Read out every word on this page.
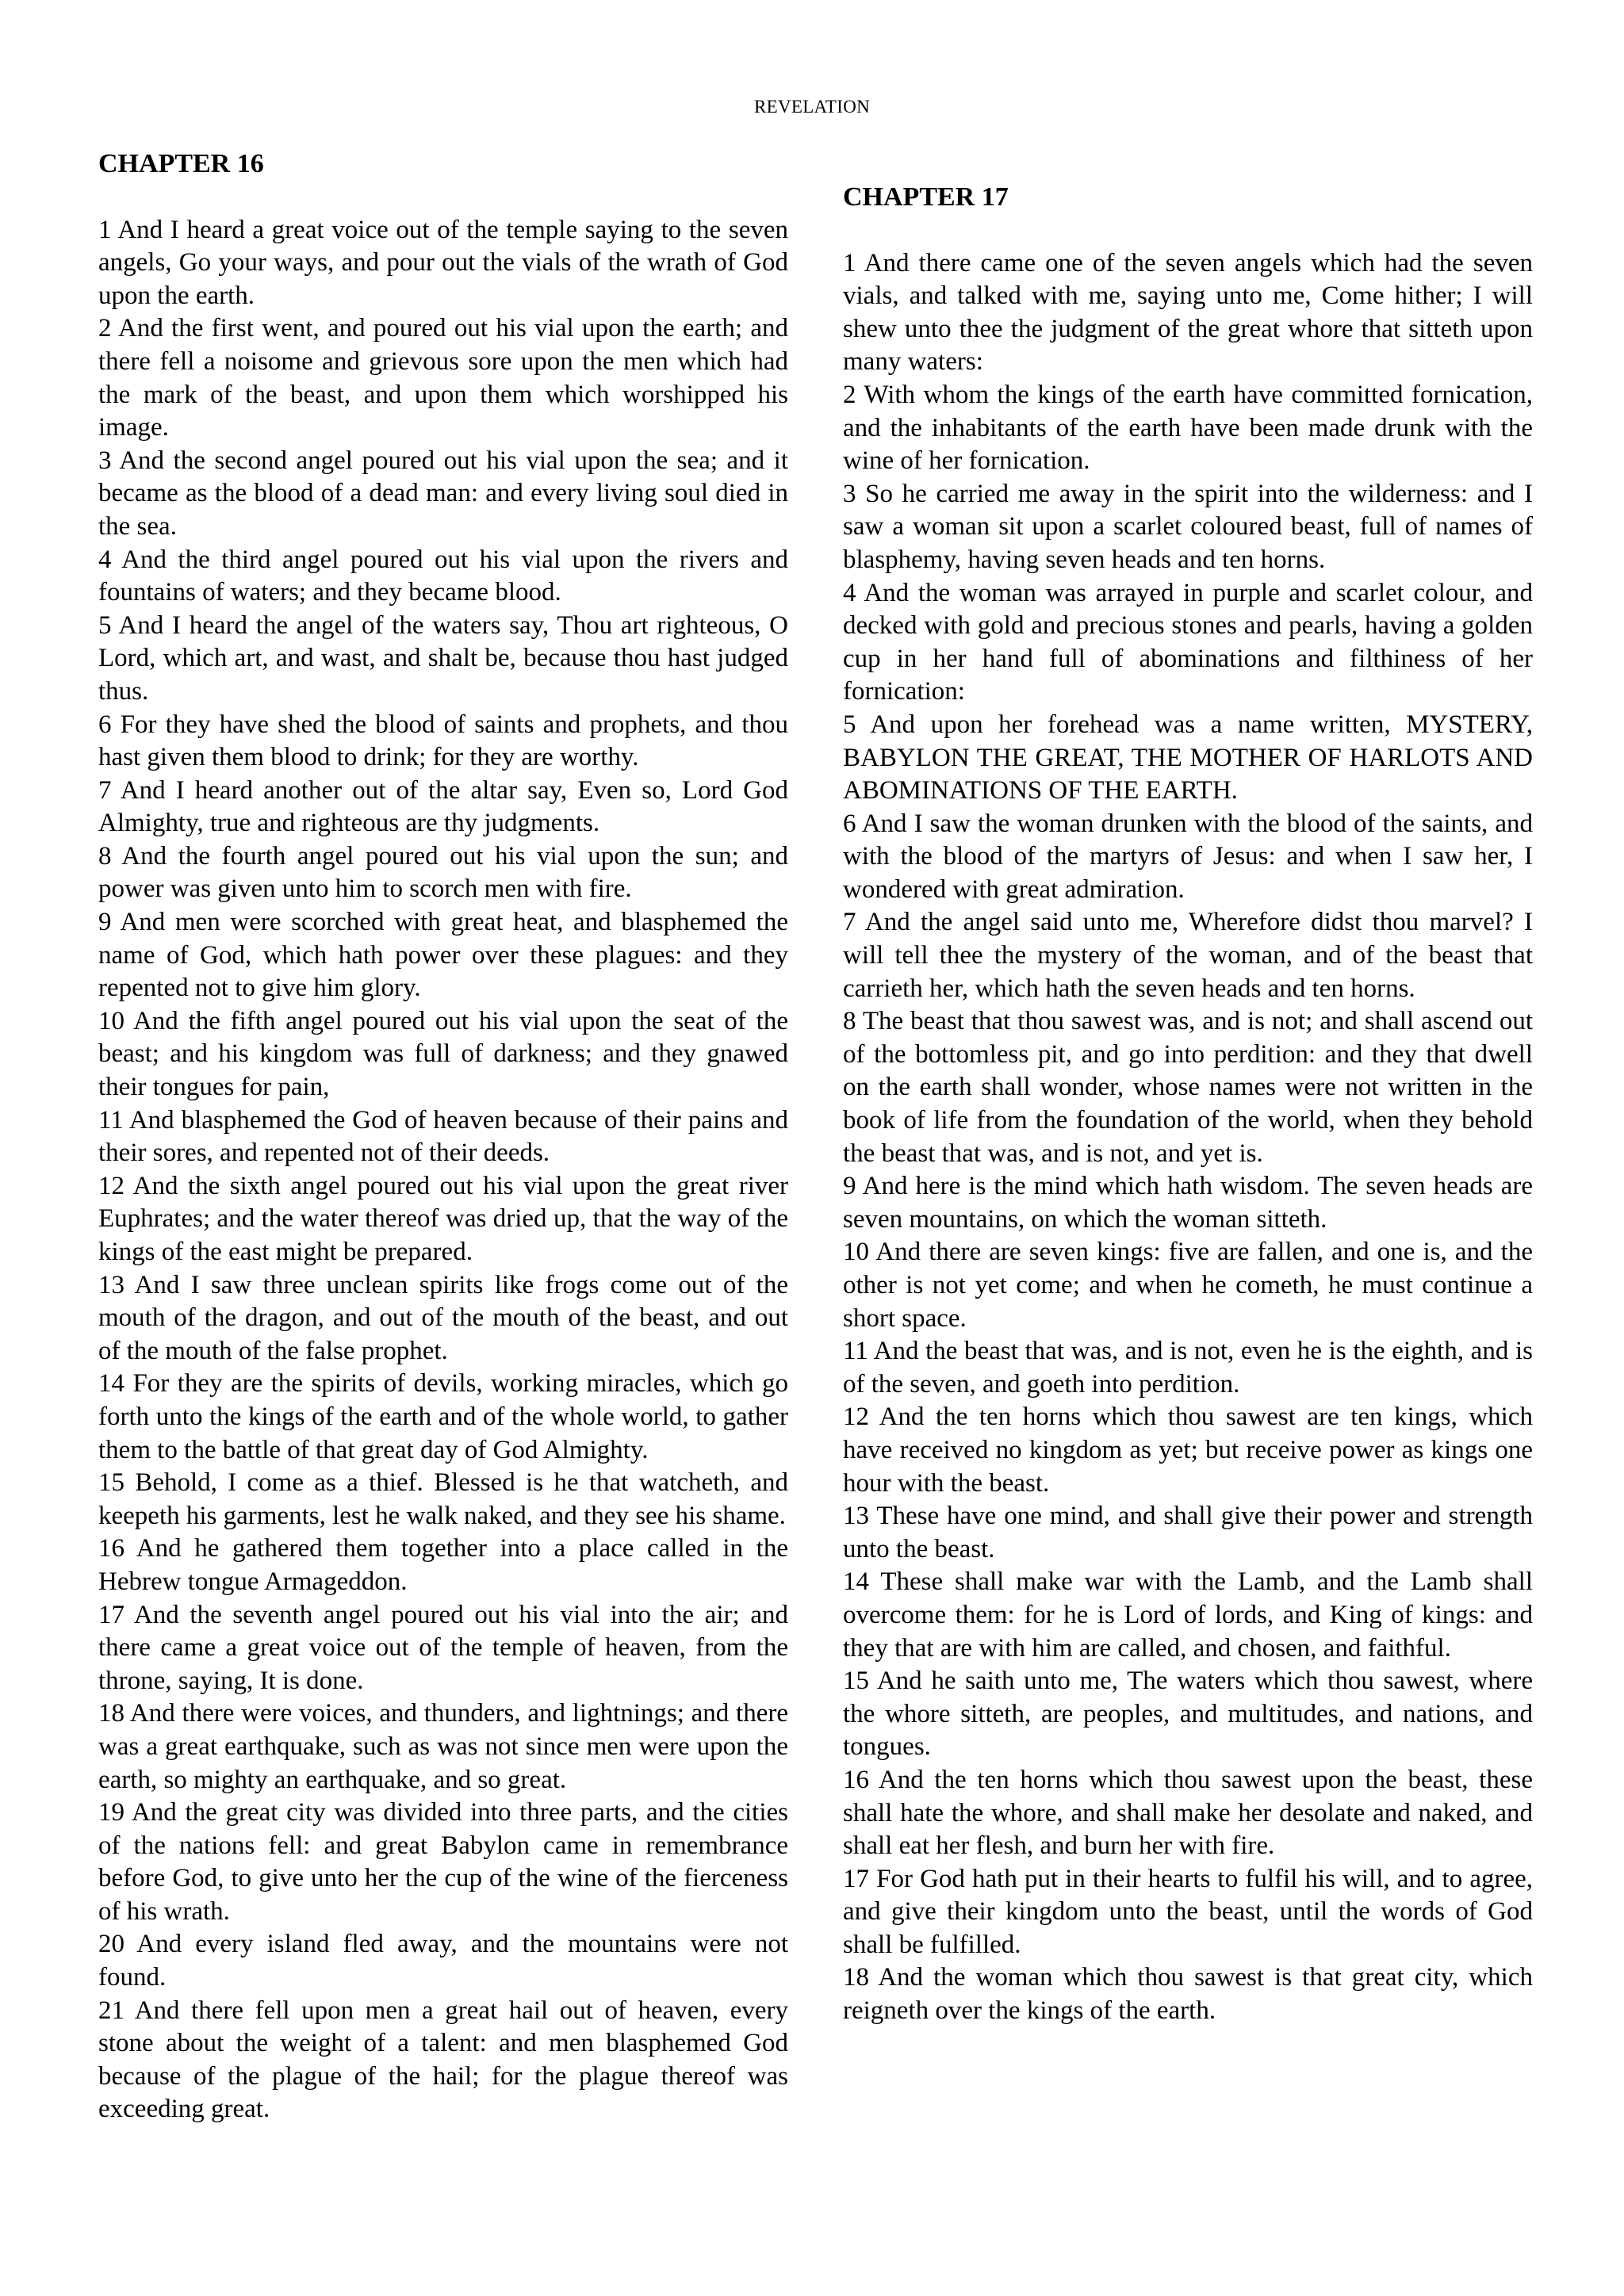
REVELATION

CHAPTER 16

1 And I heard a great voice out of the temple saying to the seven angels, Go your ways, and pour out the vials of the wrath of God upon the earth.

2 And the first went, and poured out his vial upon the earth; and there fell a noisome and grievous sore upon the men which had the mark of the beast, and upon them which worshipped his image.

3 And the second angel poured out his vial upon the sea; and it became as the blood of a dead man: and every living soul died in the sea.

4 And the third angel poured out his vial upon the rivers and fountains of waters; and they became blood.

5 And I heard the angel of the waters say, Thou art righteous, O Lord, which art, and wast, and shalt be, because thou hast judged thus.

6 For they have shed the blood of saints and prophets, and thou hast given them blood to drink; for they are worthy.

7 And I heard another out of the altar say, Even so, Lord God Almighty, true and righteous are thy judgments.

8 And the fourth angel poured out his vial upon the sun; and power was given unto him to scorch men with fire.

9 And men were scorched with great heat, and blasphemed the name of God, which hath power over these plagues: and they repented not to give him glory.

10 And the fifth angel poured out his vial upon the seat of the beast; and his kingdom was full of darkness; and they gnawed their tongues for pain,

11 And blasphemed the God of heaven because of their pains and their sores, and repented not of their deeds.

12 And the sixth angel poured out his vial upon the great river Euphrates; and the water thereof was dried up, that the way of the kings of the east might be prepared.

13 And I saw three unclean spirits like frogs come out of the mouth of the dragon, and out of the mouth of the beast, and out of the mouth of the false prophet.

14 For they are the spirits of devils, working miracles, which go forth unto the kings of the earth and of the whole world, to gather them to the battle of that great day of God Almighty.

15 Behold, I come as a thief. Blessed is he that watcheth, and keepeth his garments, lest he walk naked, and they see his shame.

16 And he gathered them together into a place called in the Hebrew tongue Armageddon.

17 And the seventh angel poured out his vial into the air; and there came a great voice out of the temple of heaven, from the throne, saying, It is done.

18 And there were voices, and thunders, and lightnings; and there was a great earthquake, such as was not since men were upon the earth, so mighty an earthquake, and so great.

19 And the great city was divided into three parts, and the cities of the nations fell: and great Babylon came in remembrance before God, to give unto her the cup of the wine of the fierceness of his wrath.

20 And every island fled away, and the mountains were not found.

21 And there fell upon men a great hail out of heaven, every stone about the weight of a talent: and men blasphemed God because of the plague of the hail; for the plague thereof was exceeding great.

CHAPTER 17

1 And there came one of the seven angels which had the seven vials, and talked with me, saying unto me, Come hither; I will shew unto thee the judgment of the great whore that sitteth upon many waters:

2 With whom the kings of the earth have committed fornication, and the inhabitants of the earth have been made drunk with the wine of her fornication.

3 So he carried me away in the spirit into the wilderness: and I saw a woman sit upon a scarlet coloured beast, full of names of blasphemy, having seven heads and ten horns.

4 And the woman was arrayed in purple and scarlet colour, and decked with gold and precious stones and pearls, having a golden cup in her hand full of abominations and filthiness of her fornication:

5 And upon her forehead was a name written, MYSTERY, BABYLON THE GREAT, THE MOTHER OF HARLOTS AND ABOMINATIONS OF THE EARTH.

6 And I saw the woman drunken with the blood of the saints, and with the blood of the martyrs of Jesus: and when I saw her, I wondered with great admiration.

7 And the angel said unto me, Wherefore didst thou marvel? I will tell thee the mystery of the woman, and of the beast that carrieth her, which hath the seven heads and ten horns.

8 The beast that thou sawest was, and is not; and shall ascend out of the bottomless pit, and go into perdition: and they that dwell on the earth shall wonder, whose names were not written in the book of life from the foundation of the world, when they behold the beast that was, and is not, and yet is.

9 And here is the mind which hath wisdom. The seven heads are seven mountains, on which the woman sitteth.

10 And there are seven kings: five are fallen, and one is, and the other is not yet come; and when he cometh, he must continue a short space.

11 And the beast that was, and is not, even he is the eighth, and is of the seven, and goeth into perdition.

12 And the ten horns which thou sawest are ten kings, which have received no kingdom as yet; but receive power as kings one hour with the beast.

13 These have one mind, and shall give their power and strength unto the beast.

14 These shall make war with the Lamb, and the Lamb shall overcome them: for he is Lord of lords, and King of kings: and they that are with him are called, and chosen, and faithful.

15 And he saith unto me, The waters which thou sawest, where the whore sitteth, are peoples, and multitudes, and nations, and tongues.

16 And the ten horns which thou sawest upon the beast, these shall hate the whore, and shall make her desolate and naked, and shall eat her flesh, and burn her with fire.

17 For God hath put in their hearts to fulfil his will, and to agree, and give their kingdom unto the beast, until the words of God shall be fulfilled.

18 And the woman which thou sawest is that great city, which reigneth over the kings of the earth.
